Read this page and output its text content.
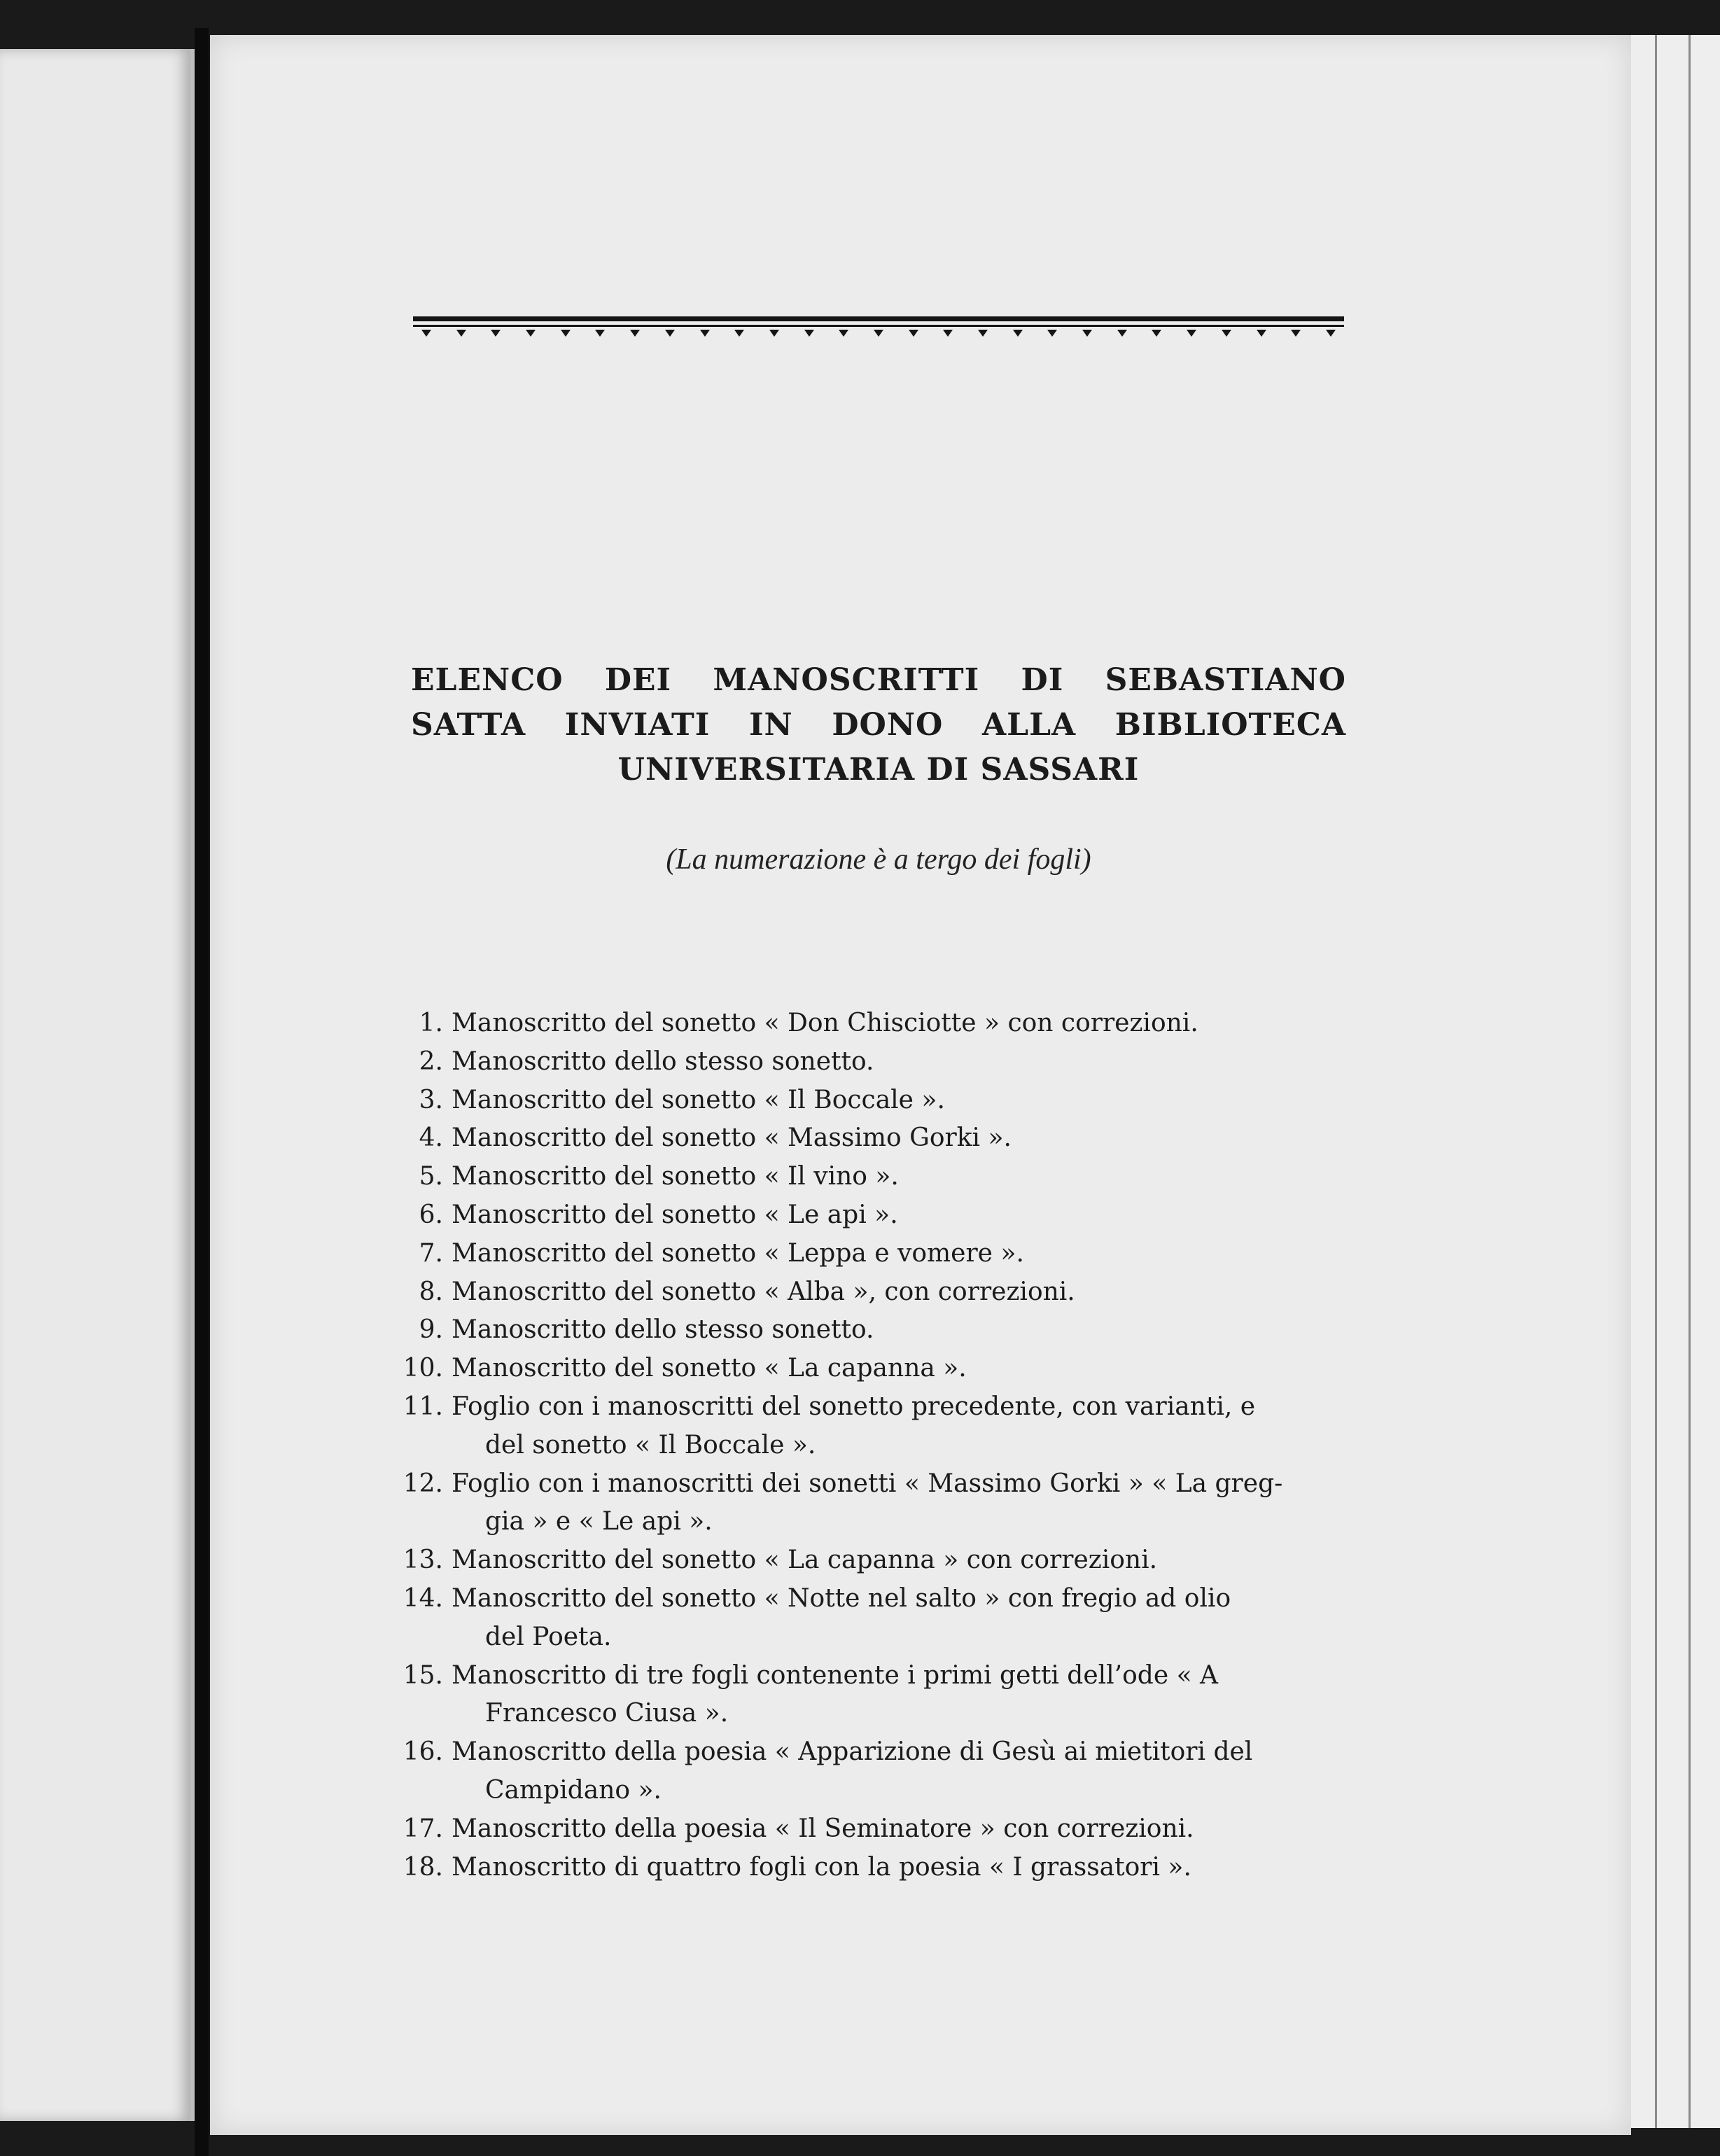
ELENCO DEI MANOSCRITTI DI SEBASTIANO SATTA INVIATI IN DONO ALLA BIBLIOTECA UNIVERSITARIA DI SASSARI

(La numerazione è a tergo dei fogli)

1. Manoscritto del sonetto « Don Chisciotte » con correzioni.
2. Manoscritto dello stesso sonetto.
3. Manoscritto del sonetto « Il Boccale ».
4. Manoscritto del sonetto « Massimo Gorki ».
5. Manoscritto del sonetto « Il vino ».
6. Manoscritto del sonetto « Le api ».
7. Manoscritto del sonetto « Leppa e vomere ».
8. Manoscritto del sonetto « Alba », con correzioni.
9. Manoscritto dello stesso sonetto.
10. Manoscritto del sonetto « La capanna ».
11. Foglio con i manoscritti del sonetto precedente, con varianti, e
del sonetto « Il Boccale ».
12. Foglio con i manoscritti dei sonetti « Massimo Gorki » « La greg-
gia » e « Le api ».
13. Manoscritto del sonetto « La capanna » con correzioni.
14. Manoscritto del sonetto « Notte nel salto » con fregio ad olio
del Poeta.
15. Manoscritto di tre fogli contenente i primi getti dell’ode « A
Francesco Ciusa ».
16. Manoscritto della poesia « Apparizione di Gesù ai mietitori del
Campidano ».
17. Manoscritto della poesia « Il Seminatore » con correzioni.
18. Manoscritto di quattro fogli con la poesia « I grassatori ».
